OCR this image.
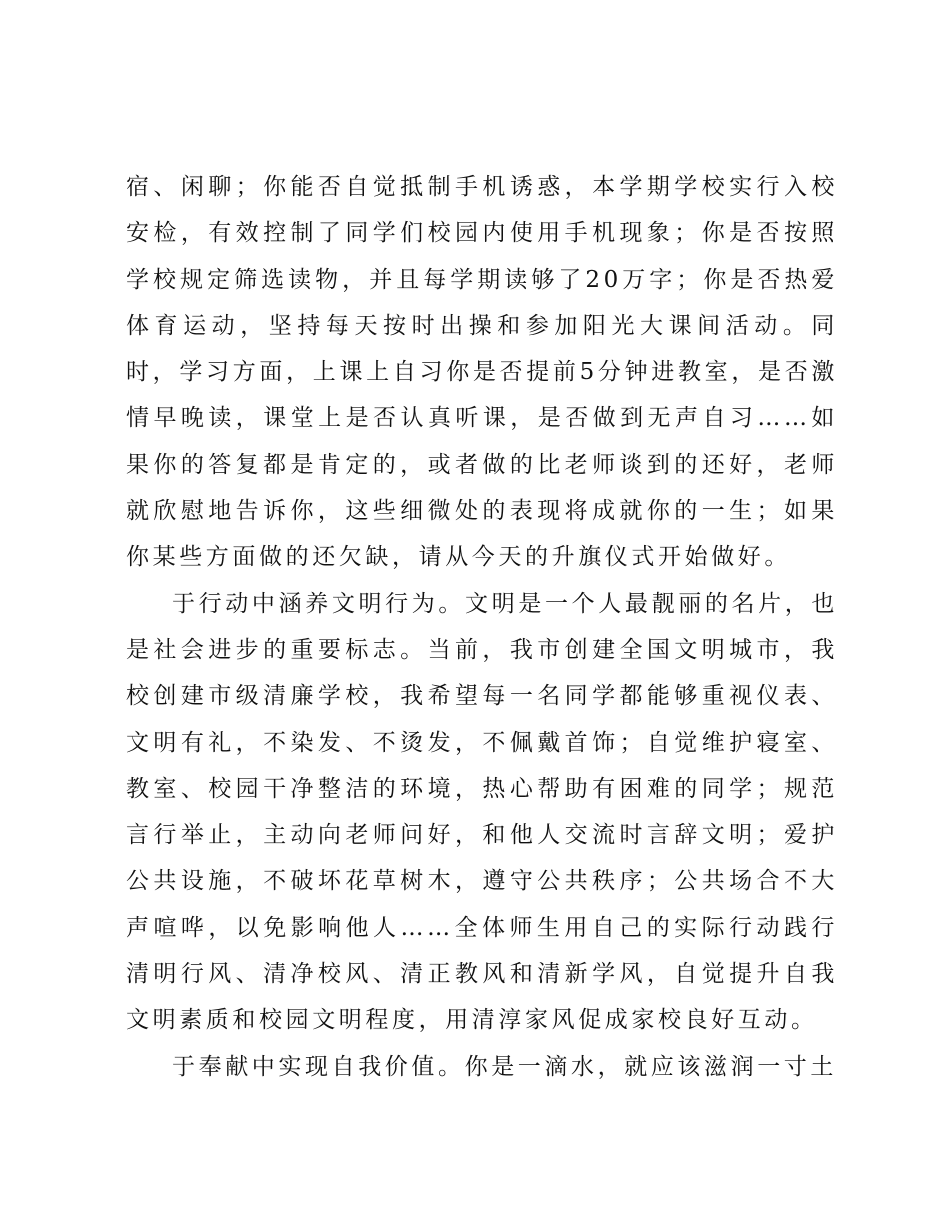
宿、闲聊；你能否自觉抵制手机诱惑，本学期学校实行入校安检，有效控制了同学们校园内使用手机现象；你是否按照学校规定筛选读物，并且每学期读够了20万字；你是否热爱体育运动，坚持每天按时出操和参加阳光大课间活动。同时，学习方面，上课上自习你是否提前5分钟进教室，是否激情早晚读，课堂上是否认真听课，是否做到无声自习……如果你的答复都是肯定的，或者做的比老师谈到的还好，老师就欣慰地告诉你，这些细微处的表现将成就你的一生；如果你某些方面做的还欠缺，请从今天的升旗仪式开始做好。

于行动中涵养文明行为。文明是一个人最靓丽的名片，也是社会进步的重要标志。当前，我市创建全国文明城市，我校创建市级清廉学校，我希望每一名同学都能够重视仪表、文明有礼，不染发、不烫发，不佩戴首饰；自觉维护寝室、教室、校园干净整洁的环境，热心帮助有困难的同学；规范言行举止，主动向老师问好，和他人交流时言辞文明；爱护公共设施，不破坏花草树木，遵守公共秩序；公共场合不大声喧哗，以免影响他人……全体师生用自己的实际行动践行清明行风、清净校风、清正教风和清新学风，自觉提升自我文明素质和校园文明程度，用清淳家风促成家校良好互动。

于奉献中实现自我价值。你是一滴水，就应该滋润一寸土
